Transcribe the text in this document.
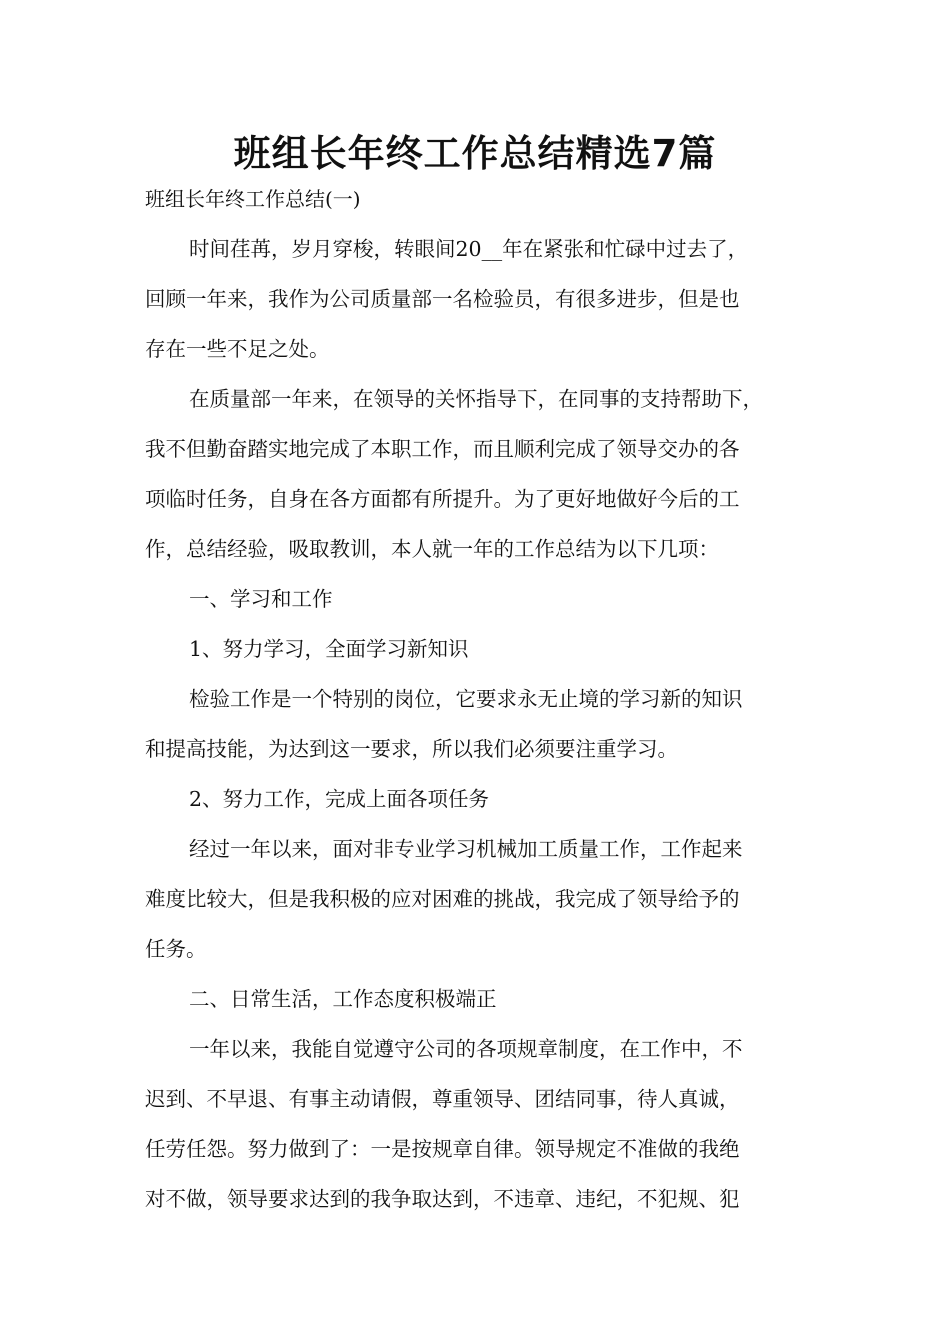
班组长年终工作总结精选7篇

班组长年终工作总结(一)

时间荏苒，岁月穿梭，转眼间20__年在紧张和忙碌中过去了，

回顾一年来，我作为公司质量部一名检验员，有很多进步，但是也

存在一些不足之处。

在质量部一年来，在领导的关怀指导下，在同事的支持帮助下，

我不但勤奋踏实地完成了本职工作，而且顺利完成了领导交办的各

项临时任务，自身在各方面都有所提升。为了更好地做好今后的工

作，总结经验，吸取教训，本人就一年的工作总结为以下几项：

一、学习和工作

1、努力学习，全面学习新知识

检验工作是一个特别的岗位，它要求永无止境的学习新的知识

和提高技能，为达到这一要求，所以我们必须要注重学习。

2、努力工作，完成上面各项任务

经过一年以来，面对非专业学习机械加工质量工作，工作起来

难度比较大，但是我积极的应对困难的挑战，我完成了领导给予的

任务。

二、日常生活，工作态度积极端正

一年以来，我能自觉遵守公司的各项规章制度，在工作中，不

迟到、不早退、有事主动请假，尊重领导、团结同事，待人真诚，

任劳任怨。努力做到了：一是按规章自律。领导规定不准做的我绝

对不做，领导要求达到的我争取达到，不违章、违纪，不犯规、犯
